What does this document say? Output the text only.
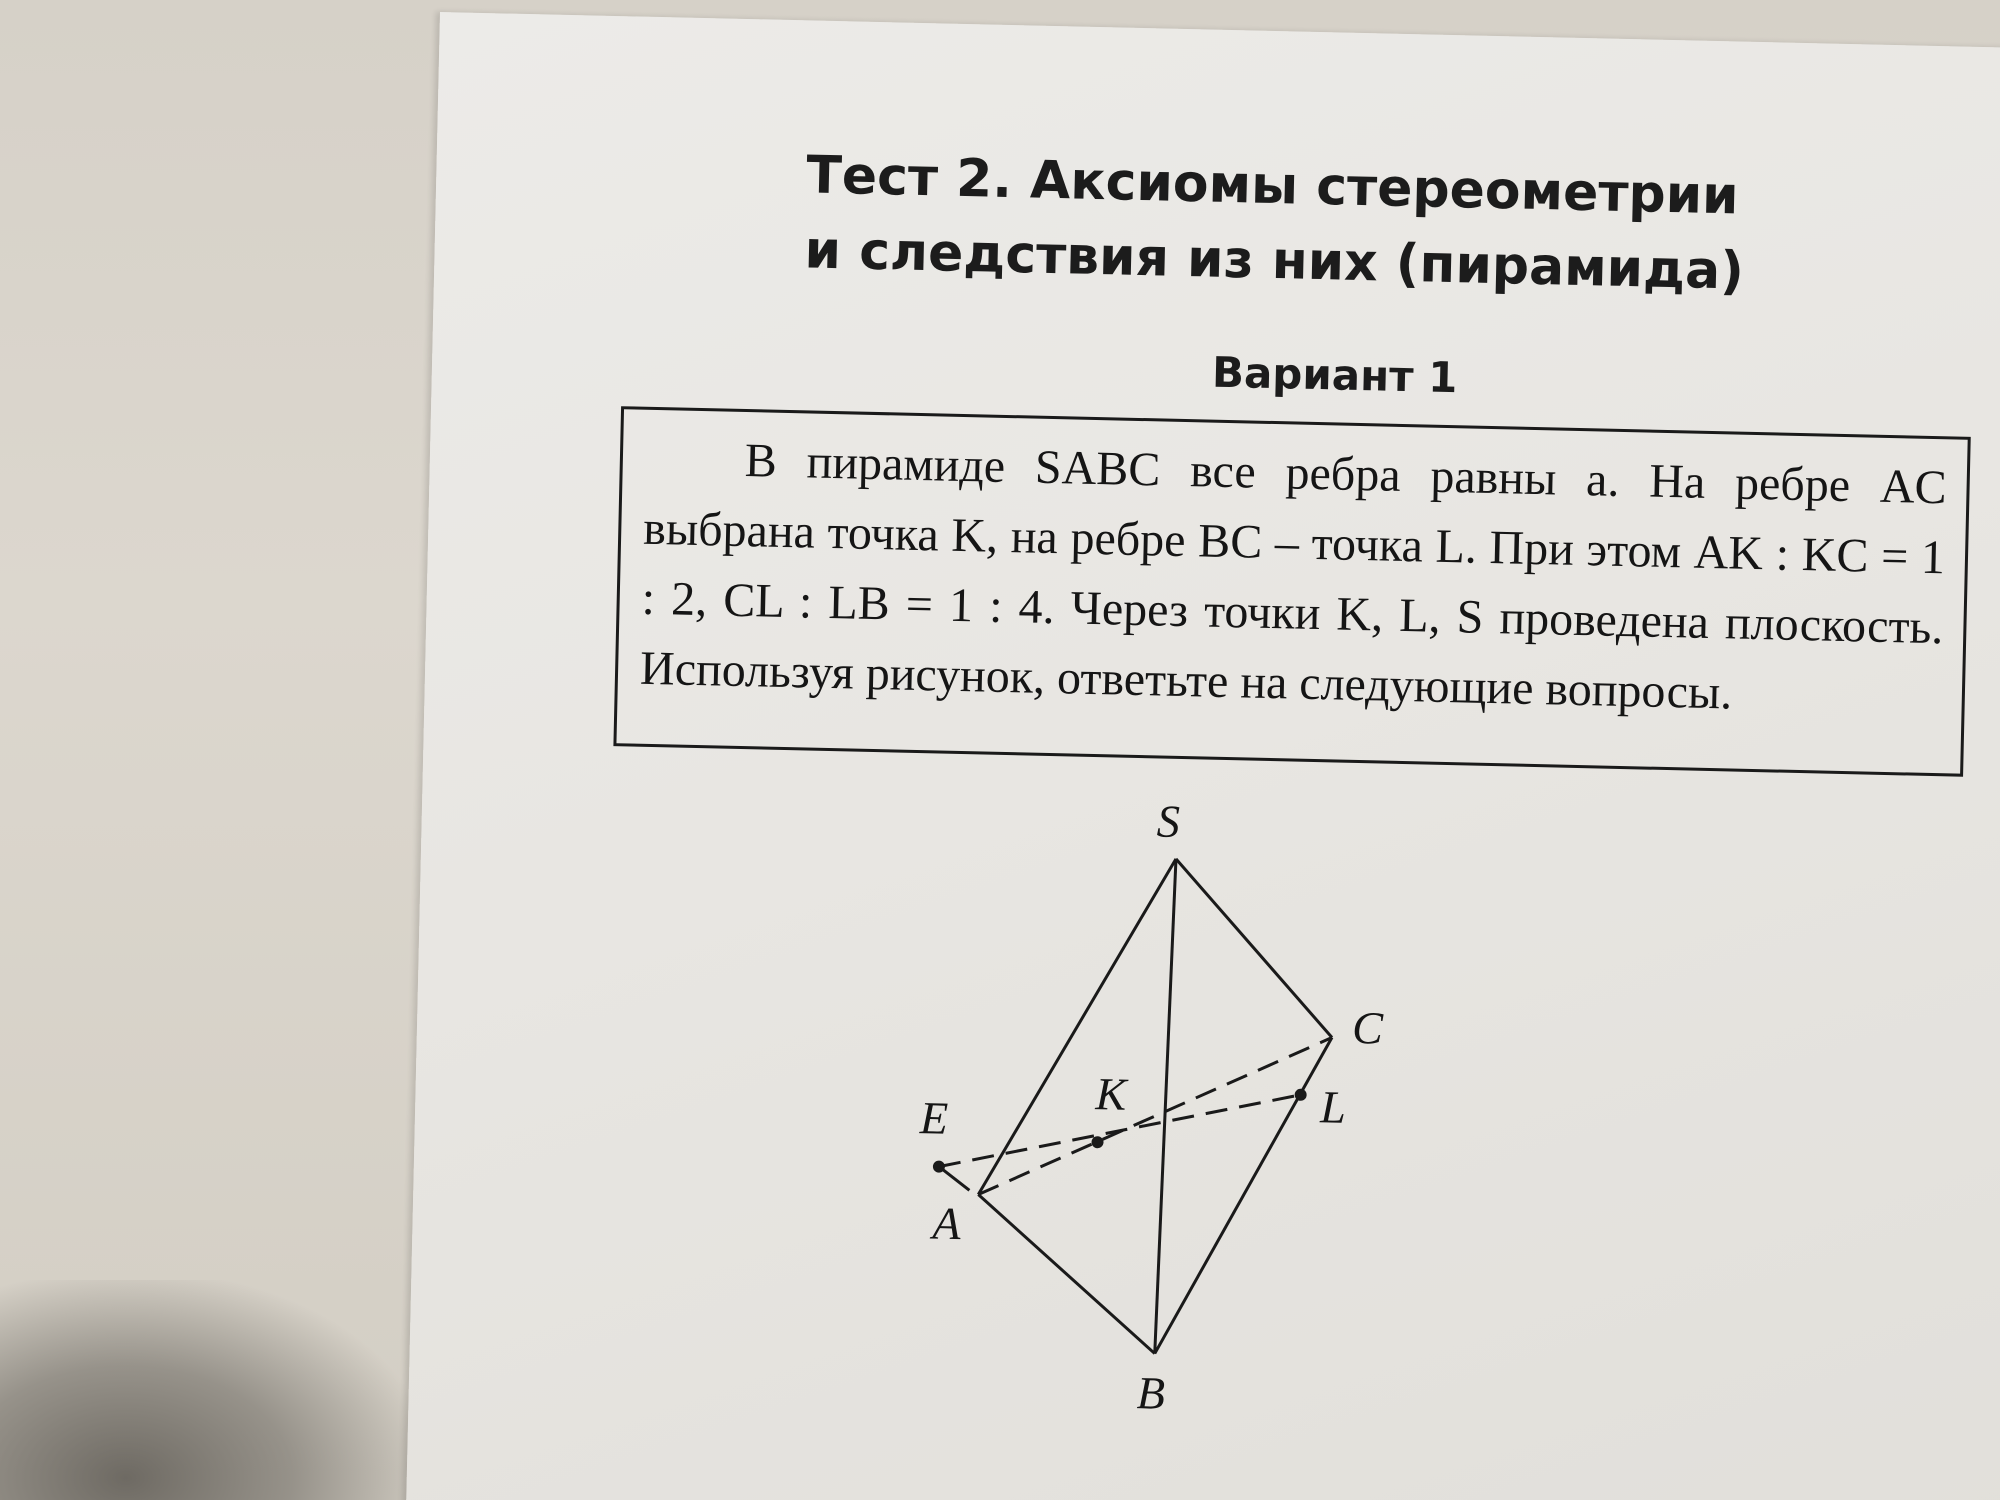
Тест 2. Аксиомы стереометрии
и следствия из них (пирамида)
Вариант 1

В пирамиде SABC все ребра равны a. На ребре AC выбрана точка K, на ребре BC – точка L. При этом AK : KC = 1 : 2, CL : LB = 1 : 4. Через точки K, L, S проведена плоскость. Используя рисунок, ответьте на следующие вопросы.

S
C
K	L
E
A
B
